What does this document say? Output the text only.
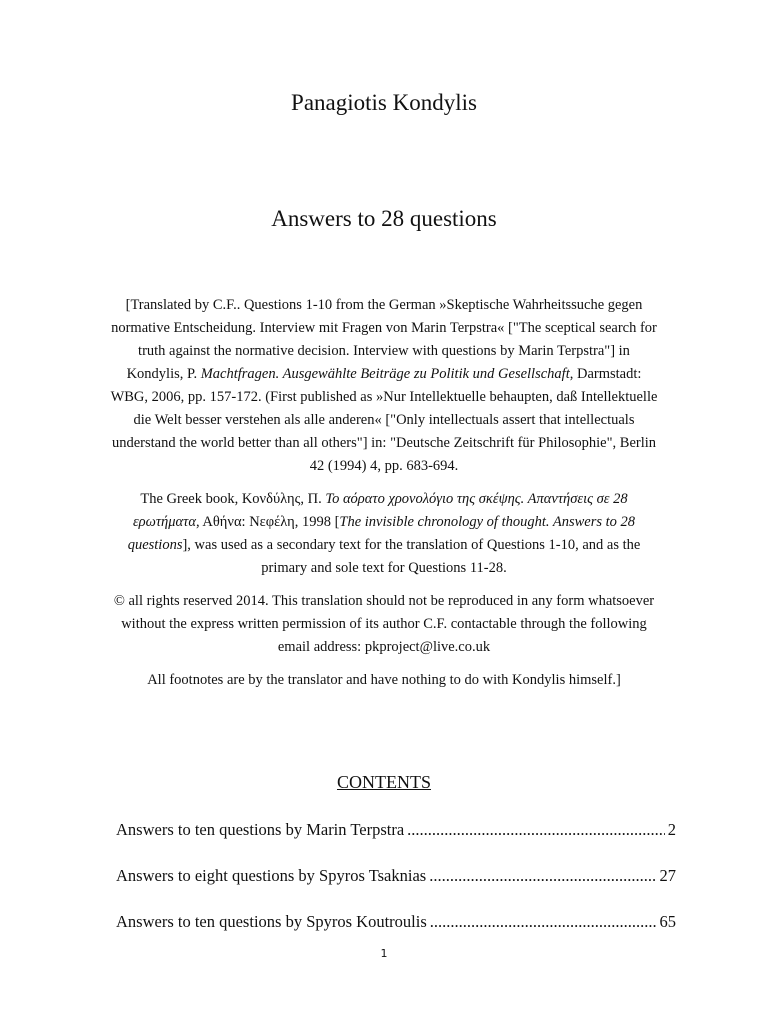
Panagiotis Kondylis
Answers to 28 questions

[Translated by C.F.. Questions 1-10 from the German »Skeptische Wahrheitssuche gegen normative Entscheidung. Interview mit Fragen von Marin Terpstra« ["The sceptical search for truth against the normative decision. Interview with questions by Marin Terpstra"] in Kondylis, P. Machtfragen. Ausgewählte Beiträge zu Politik und Gesellschaft, Darmstadt: WBG, 2006, pp. 157-172. (First published as »Nur Intellektuelle behaupten, daß Intellektuelle die Welt besser verstehen als alle anderen« ["Only intellectuals assert that intellectuals understand the world better than all others"] in: "Deutsche Zeitschrift für Philosophie", Berlin 42 (1994) 4, pp. 683-694.

The Greek book, Κονδύλης, Π. Το αόρατο χρονολόγιο της σκέψης. Απαντήσεις σε 28 ερωτήματα, Αθήνα: Νεφέλη, 1998 [The invisible chronology of thought. Answers to 28 questions], was used as a secondary text for the translation of Questions 1-10, and as the primary and sole text for Questions 11-28.

© all rights reserved 2014. This translation should not be reproduced in any form whatsoever without the express written permission of its author C.F. contactable through the following email address: pkproject@live.co.uk

All footnotes are by the translator and have nothing to do with Kondylis himself.]

CONTENTS
Answers to ten questions by Marin Terpstra .....	2
Answers to eight questions by Spyros Tsaknias .....	27
Answers to ten questions by Spyros Koutroulis .....	65
1
